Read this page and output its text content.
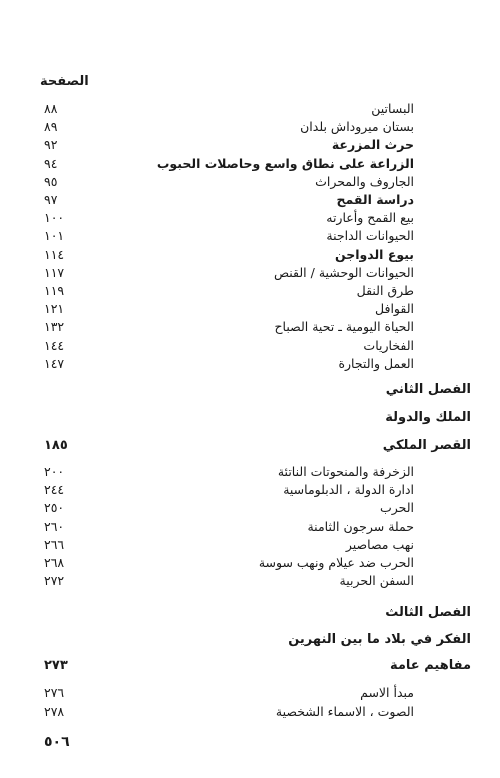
الصفحة
البساتين
٨٨
بستان ميروداش بلدان
٨٩
حرث المزرعة
٩٢
الزراعة على نطاق واسع وحاصلات الحبوب
٩٤
الجاروف والمحراث
٩٥
دراسة القمح
٩٧
بيع القمح وأعارته
١٠٠
الحيوانات الداجنة
١٠١
بيوع الدواجن
١١٤
الحيوانات الوحشية / القنص
١١٧
طرق النقل
١١٩
القوافل
١٢١
الحياة اليومية ـ تحية الصباح
١٣٢
الفخاريات
١٤٤
العمل والتجارة
١٤٧
الفصل الثاني
الملك والدولة
القصر الملكي
١٨٥
الزخرفة والمنحوتات الناتئة
٢٠٠
ادارة الدولة ، الدبلوماسية
٢٤٤
الحرب
٢٥٠
حملة سرجون الثامنة
٢٦٠
نهب مصاصير
٢٦٦
الحرب ضد عيلام ونهب سوسة
٢٦٨
السفن الحربية
٢٧٢
الفصل الثالث
الفكر في بلاد ما بين النهرين
مفاهيم عامة
٢٧٣
مبدأ الاسم
٢٧٦
الصوت ، الاسماء الشخصية
٢٧٨
٥٠٦
